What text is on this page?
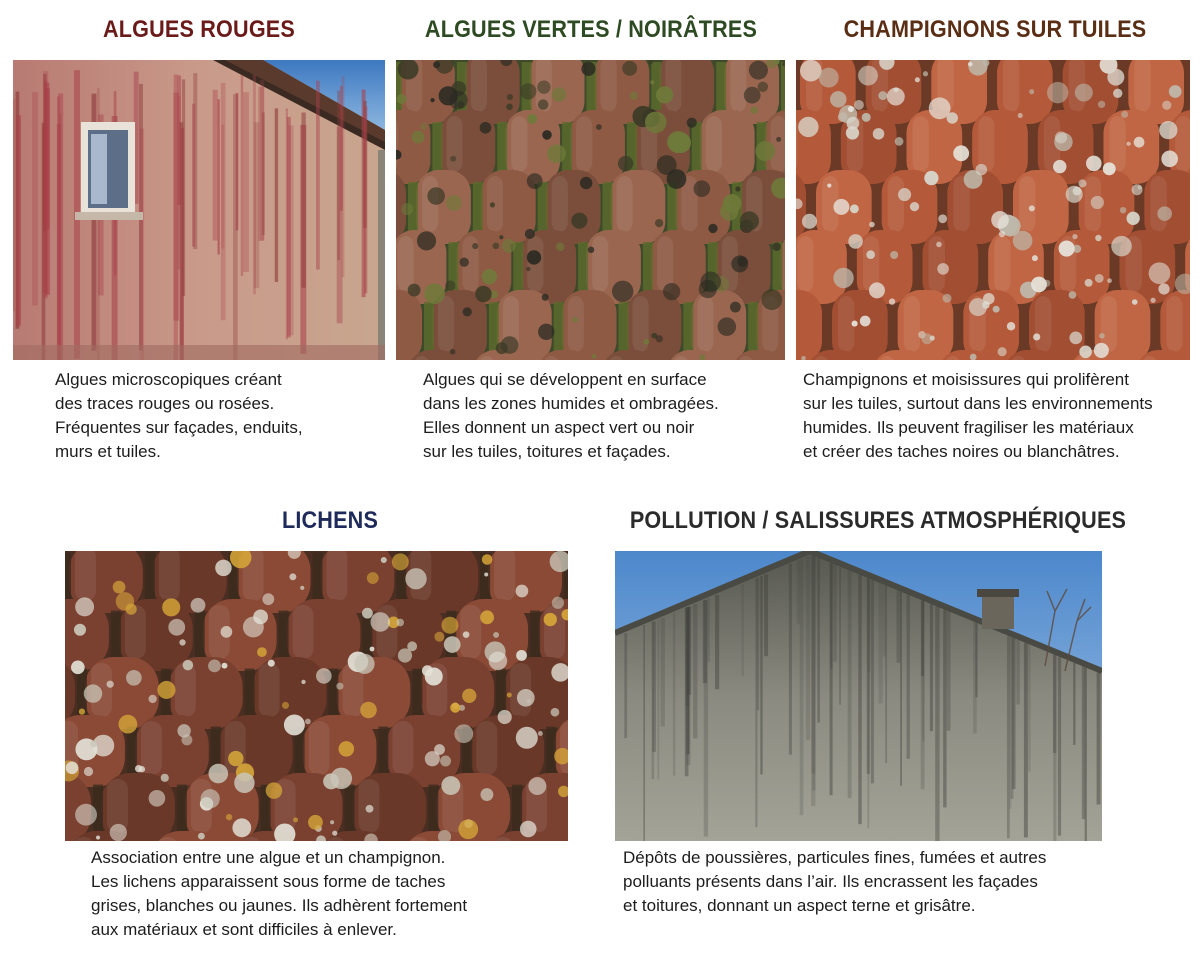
ALGUES ROUGES
Algues microscopiques créant
des traces rouges ou rosées.
Fréquentes sur façades, enduits,
murs et tuiles.
ALGUES VERTES / NOIRÂTRES
Algues qui se développent en surface
dans les zones humides et ombragées.
Elles donnent un aspect vert ou noir
sur les tuiles, toitures et façades.
CHAMPIGNONS SUR TUILES
Champignons et moisissures qui prolifèrent
sur les tuiles, surtout dans les environnements
humides. Ils peuvent fragiliser les matériaux
et créer des taches noires ou blanchâtres.
LICHENS
Association entre une algue et un champignon.
Les lichens apparaissent sous forme de taches
grises, blanches ou jaunes. Ils adhèrent fortement
aux matériaux et sont difficiles à enlever.
POLLUTION / SALISSURES ATMOSPHÉRIQUES
Dépôts de poussières, particules fines, fumées et autres
polluants présents dans l’air. Ils encrassent les façades
et toitures, donnant un aspect terne et grisâtre.
